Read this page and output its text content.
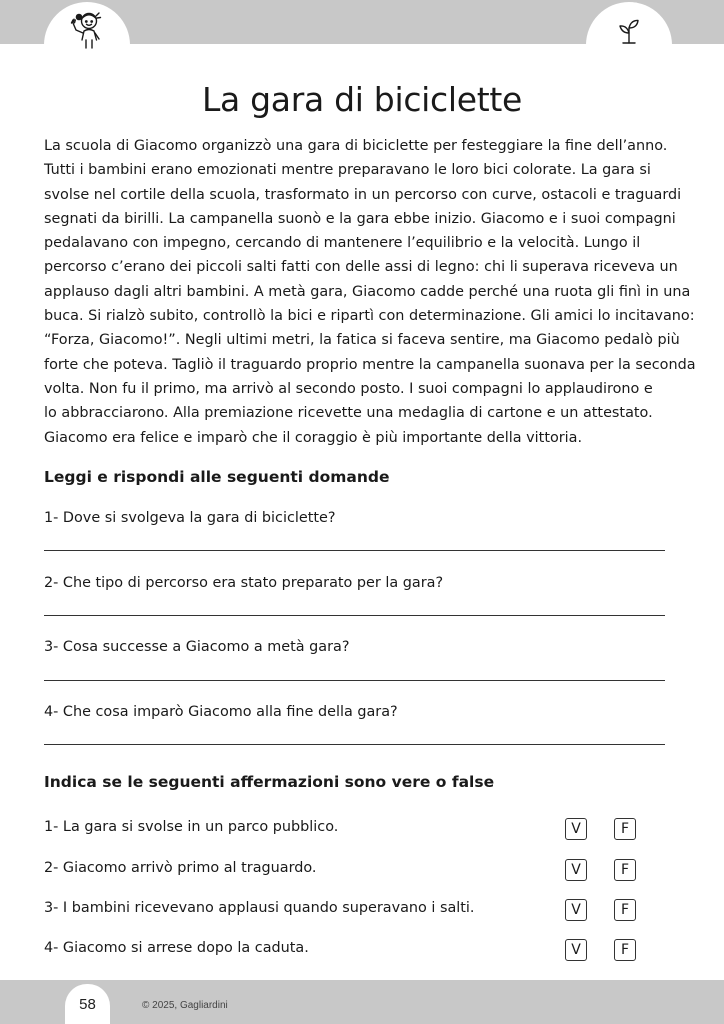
La gara di biciclette
La scuola di Giacomo organizzò una gara di biciclette per festeggiare la fine dell’anno.
Tutti i bambini erano emozionati mentre preparavano le loro bici colorate. La gara si
svolse nel cortile della scuola, trasformato in un percorso con curve, ostacoli e traguardi
segnati da birilli. La campanella suonò e la gara ebbe inizio. Giacomo e i suoi compagni
pedalavano con impegno, cercando di mantenere l’equilibrio e la velocità. Lungo il
percorso c’erano dei piccoli salti fatti con delle assi di legno: chi li superava riceveva un
applauso dagli altri bambini. A metà gara, Giacomo cadde perché una ruota gli finì in una
buca. Si rialzò subito, controllò la bici e ripartì con determinazione. Gli amici lo incitavano:
“Forza, Giacomo!”. Negli ultimi metri, la fatica si faceva sentire, ma Giacomo pedalò più
forte che poteva. Tagliò il traguardo proprio mentre la campanella suonava per la seconda
volta. Non fu il primo, ma arrivò al secondo posto. I suoi compagni lo applaudirono e
lo abbracciarono. Alla premiazione ricevette una medaglia di cartone e un attestato.
Giacomo era felice e imparò che il coraggio è più importante della vittoria.
Leggi e rispondi alle seguenti domande
1- Dove si svolgeva la gara di biciclette?
2- Che tipo di percorso era stato preparato per la gara?
3- Cosa successe a Giacomo a metà gara?
4- Che cosa imparò Giacomo alla fine della gara?
Indica se le seguenti affermazioni sono vere o false
1- La gara si svolse in un parco pubblico.	V	F
2- Giacomo arrivò primo al traguardo.	V	F
3- I bambini ricevevano applausi quando superavano i salti.	V	F
4- Giacomo si arrese dopo la caduta.	V	F
58	© 2025, Gagliardini
